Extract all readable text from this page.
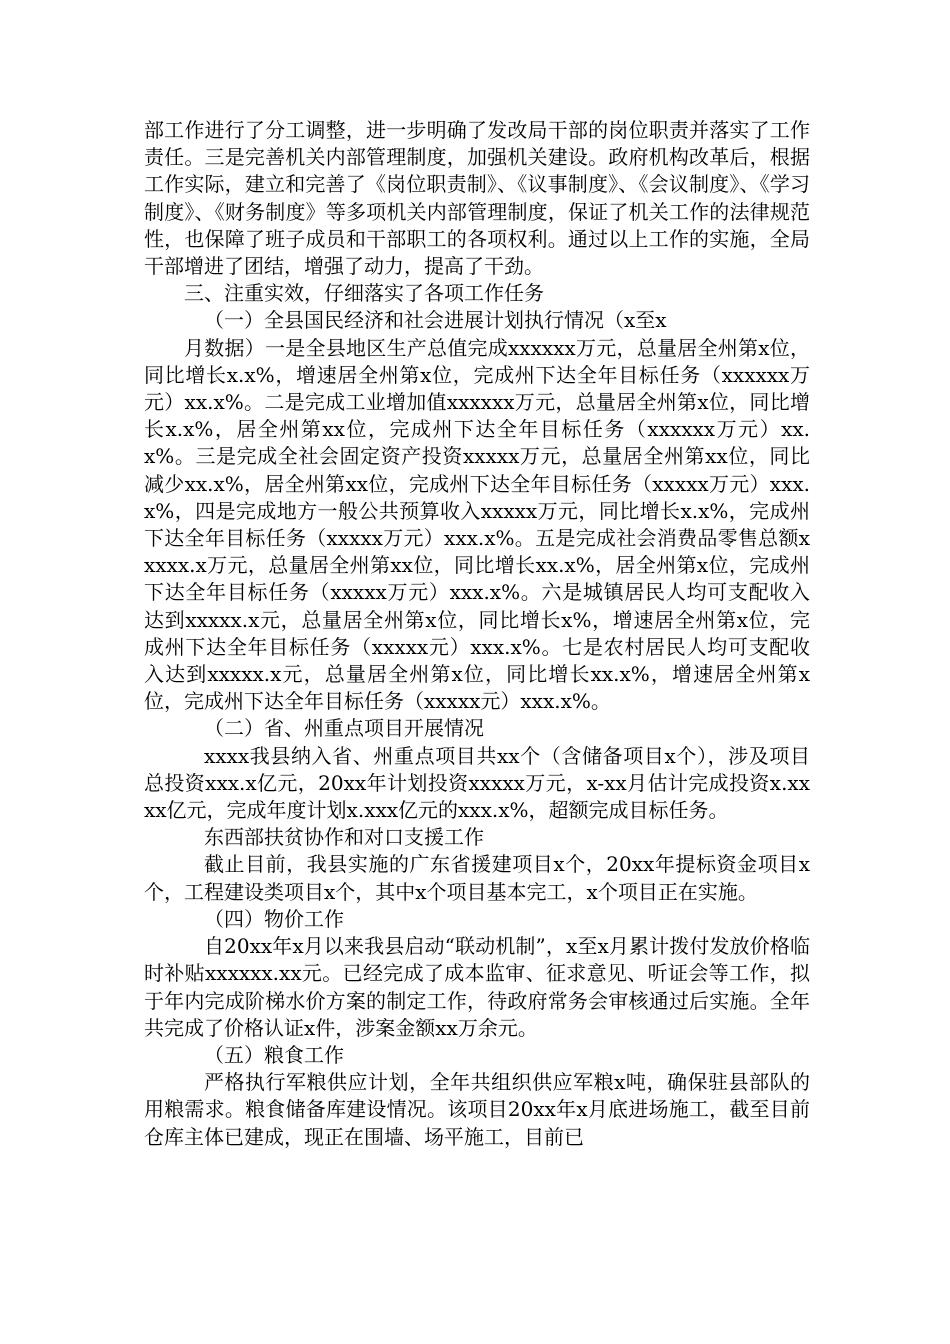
部工作进行了分工调整，进一步明确了发改局干部的岗位职责并落实了工作责任。三是完善机关内部管理制度，加强机关建设。政府机构改革后，根据工作实际，建立和完善了《岗位职责制》、《议事制度》、《会议制度》、《学习制度》、《财务制度》等多项机关内部管理制度，保证了机关工作的法律规范性，也保障了班子成员和干部职工的各项权利。通过以上工作的实施，全局干部增进了团结，增强了动力，提高了干劲。

三、注重实效，仔细落实了各项工作任务

（一）全县国民经济和社会进展计划执行情况（x至x

月数据）一是全县地区生产总值完成xxxxxx万元，总量居全州第x位，同比增长x.x%，增速居全州第x位，完成州下达全年目标任务（xxxxxx万元）xx.x%。二是完成工业增加值xxxxxx万元，总量居全州第x位，同比增长x.x%，居全州第xx位，完成州下达全年目标任务（xxxxxx万元）xx.x%。三是完成全社会固定资产投资xxxxx万元，总量居全州第xx位，同比减少xx.x%，居全州第xx位，完成州下达全年目标任务（xxxxx万元）xxx.x%，四是完成地方一般公共预算收入xxxxx万元，同比增长x.x%，完成州下达全年目标任务（xxxxx万元）xxx.x%。五是完成社会消费品零售总额xxxxx.x万元，总量居全州第xx位，同比增长xx.x%，居全州第x位，完成州下达全年目标任务（xxxxx万元）xxx.x%。六是城镇居民人均可支配收入达到xxxxx.x元，总量居全州第x位，同比增长x%，增速居全州第x位，完成州下达全年目标任务（xxxxx元）xxx.x%。七是农村居民人均可支配收入达到xxxxx.x元，总量居全州第x位，同比增长xx.x%，增速居全州第x位，完成州下达全年目标任务（xxxxx元）xxx.x%。

（二）省、州重点项目开展情况

xxxx我县纳入省、州重点项目共xx个（含储备项目x个），涉及项目总投资xxx.x亿元，20xx年计划投资xxxxx万元，x-xx月估计完成投资x.xxxx亿元，完成年度计划x.xxx亿元的xxx.x%，超额完成目标任务。

东西部扶贫协作和对口支援工作

截止目前，我县实施的广东省援建项目x个，20xx年提标资金项目x个，工程建设类项目x个，其中x个项目基本完工，x个项目正在实施。

（四）物价工作

自20xx年x月以来我县启动“联动机制”，x至x月累计拨付发放价格临时补贴xxxxxx.xx元。已经完成了成本监审、征求意见、听证会等工作，拟于年内完成阶梯水价方案的制定工作，待政府常务会审核通过后实施。全年共完成了价格认证x件，涉案金额xx万余元。

（五）粮食工作

严格执行军粮供应计划，全年共组织供应军粮x吨，确保驻县部队的用粮需求。粮食储备库建设情况。该项目20xx年x月底进场施工，截至目前仓库主体已建成，现正在围墙、场平施工，目前已
